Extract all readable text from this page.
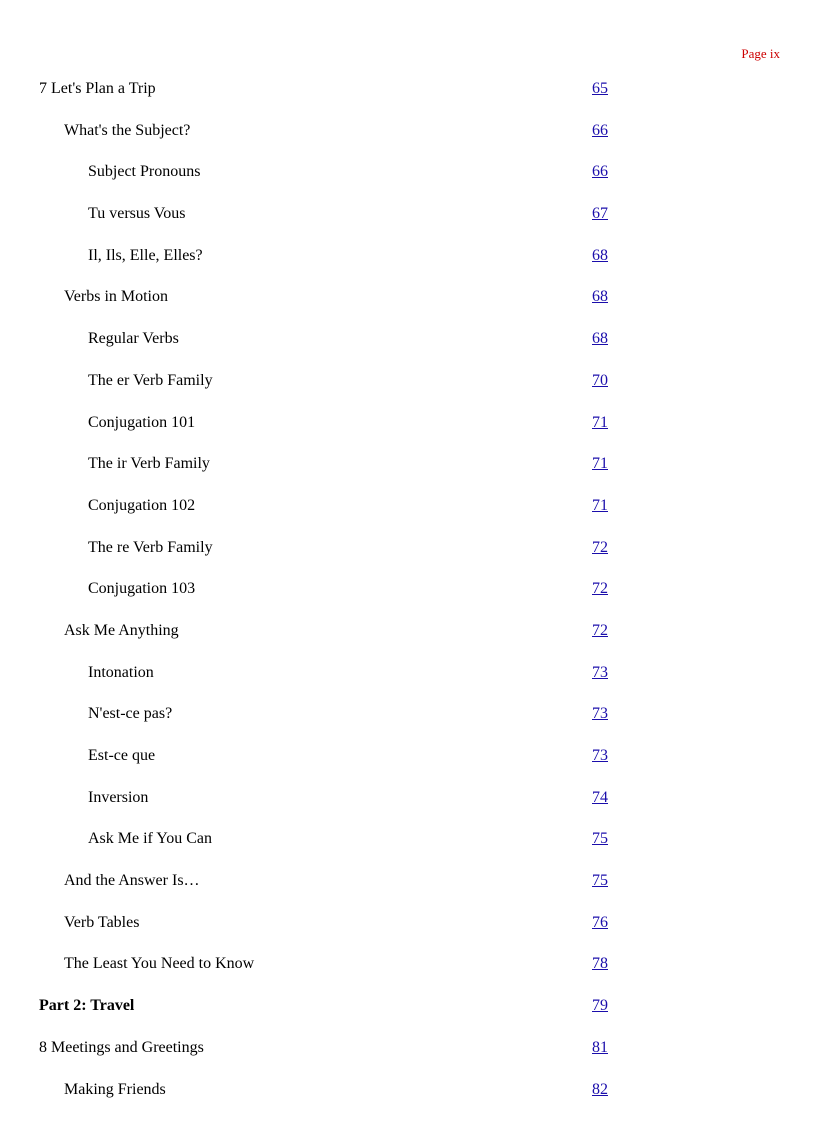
Page ix
7 Let's Plan a Trip	65
What's the Subject?	66
Subject Pronouns	66
Tu versus Vous	67
Il, Ils, Elle, Elles?	68
Verbs in Motion	68
Regular Verbs	68
The er Verb Family	70
Conjugation 101	71
The ir Verb Family	71
Conjugation 102	71
The re Verb Family	72
Conjugation 103	72
Ask Me Anything	72
Intonation	73
N'est-ce pas?	73
Est-ce que	73
Inversion	74
Ask Me if You Can	75
And the Answer Is…	75
Verb Tables	76
The Least You Need to Know	78
Part 2: Travel	79
8 Meetings and Greetings	81
Making Friends	82
